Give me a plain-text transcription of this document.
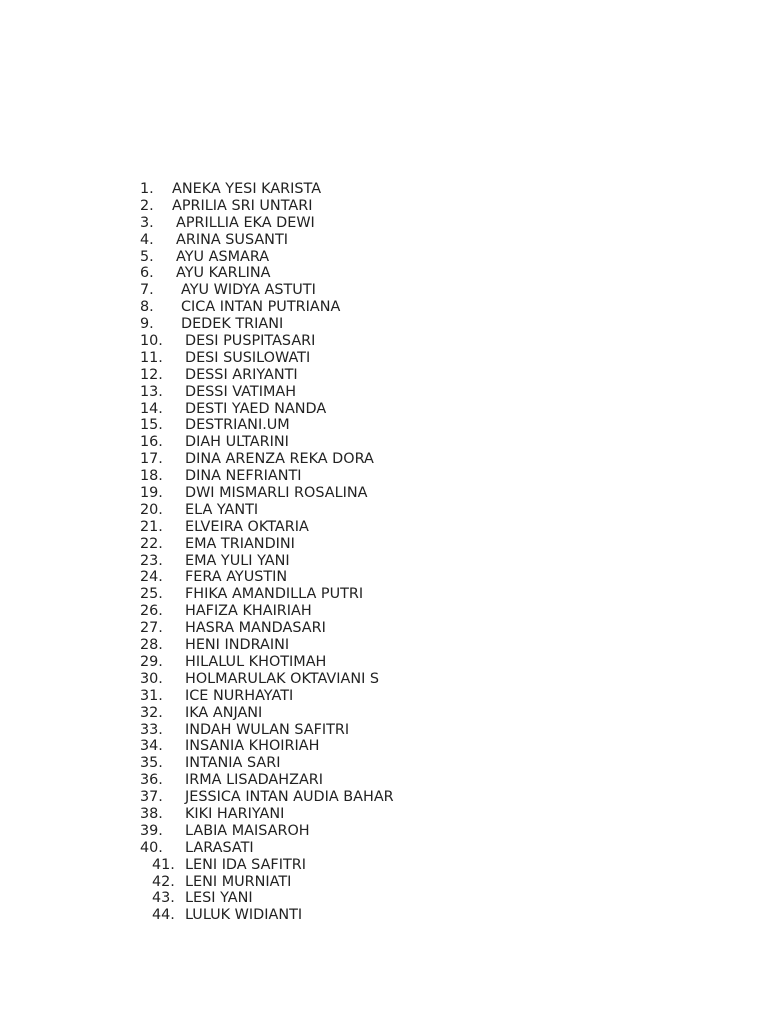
1. ANEKA YESI KARISTA
2. APRILIA SRI UNTARI
3. APRILLIA EKA DEWI
4. ARINA SUSANTI
5. AYU ASMARA
6. AYU KARLINA
7. AYU WIDYA ASTUTI
8. CICA INTAN PUTRIANA
9. DEDEK TRIANI
10. DESI PUSPITASARI
11. DESI SUSILOWATI
12. DESSI ARIYANTI
13. DESSI VATIMAH
14. DESTI YAED NANDA
15. DESTRIANI.UM
16. DIAH ULTARINI
17. DINA ARENZA REKA DORA
18. DINA NEFRIANTI
19. DWI MISMARLI ROSALINA
20. ELA YANTI
21. ELVEIRA OKTARIA
22. EMA TRIANDINI
23. EMA YULI YANI
24. FERA AYUSTIN
25. FHIKA AMANDILLA PUTRI
26. HAFIZA KHAIRIAH
27. HASRA MANDASARI
28. HENI INDRAINI
29. HILALUL KHOTIMAH
30. HOLMARULAK OKTAVIANI S
31. ICE NURHAYATI
32. IKA ANJANI
33. INDAH WULAN SAFITRI
34. INSANIA KHOIRIAH
35. INTANIA SARI
36. IRMA LISADAHZARI
37. JESSICA INTAN AUDIA BAHAR
38. KIKI HARIYANI
39. LABIA MAISAROH
40. LARASATI
41. LENI IDA SAFITRI
42. LENI MURNIATI
43. LESI YANI
44. LULUK WIDIANTI
